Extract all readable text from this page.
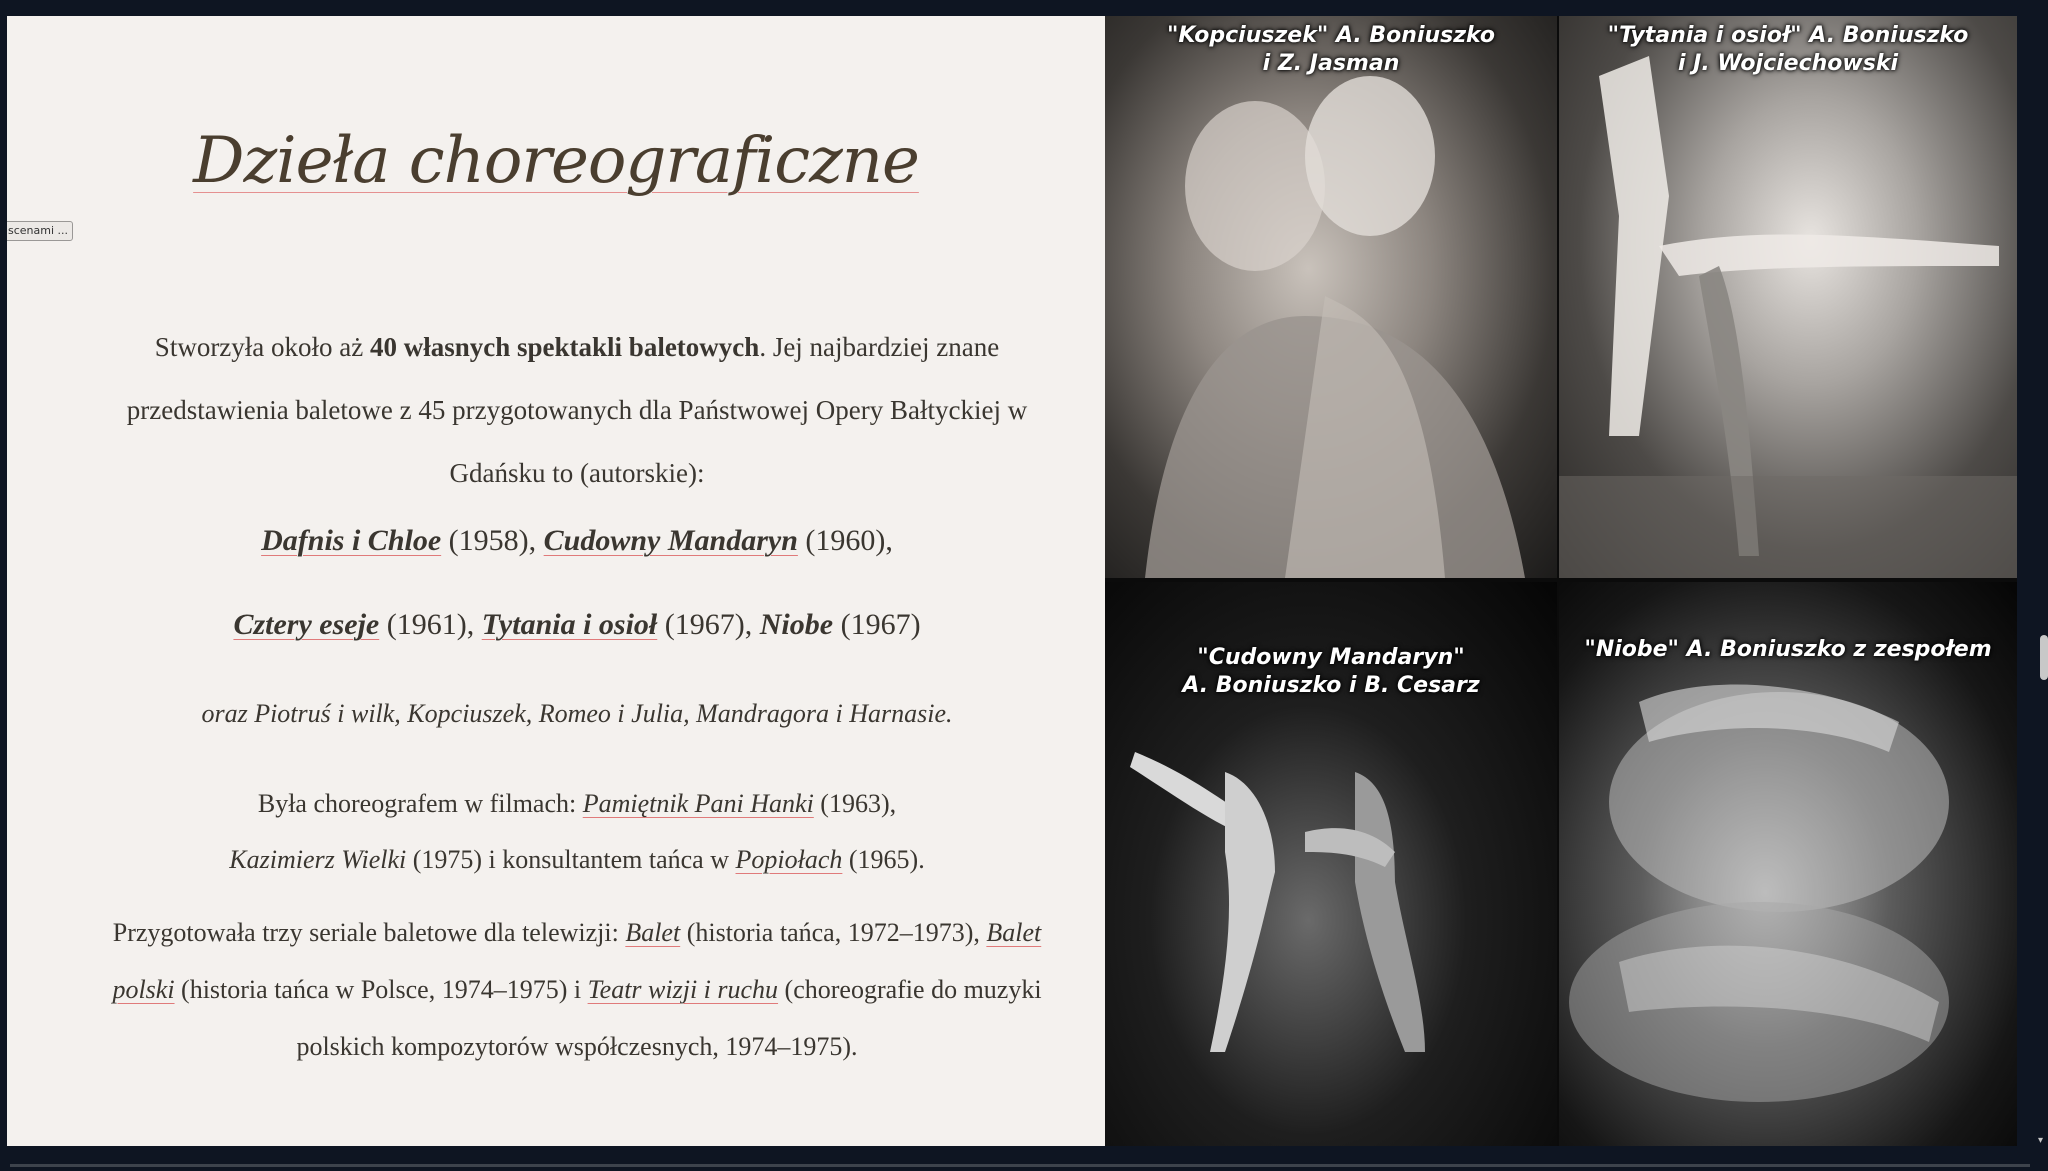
Dzieła choreograficzne
Stworzyła około aż 40 własnych spektakli baletowych. Jej najbardziej znane przedstawienia baletowe z 45 przygotowanych dla Państwowej Opery Bałtyckiej w Gdańsku to (autorskie):
Dafnis i Chloe (1958), Cudowny Mandaryn (1960),
Cztery eseje (1961), Tytania i osioł (1967), Niobe (1967)
oraz Piotruś i wilk, Kopciuszek, Romeo i Julia, Mandragora i Harnasie.
Była choreografem w filmach: Pamiętnik Pani Hanki (1963),
Kazimierz Wielki (1975) i konsultantem tańca w Popiołach (1965).
Przygotowała trzy seriale baletowe dla telewizji: Balet (historia tańca, 1972–1973), Balet polski (historia tańca w Polsce, 1974–1975) i Teatr wizji i ruchu (choreografie do muzyki polskich kompozytorów współczesnych, 1974–1975).
"Kopciuszek" A. Boniuszko
i Z. Jasman
"Tytania i osioł" A. Boniuszko
i J. Wojciechowski
"Cudowny Mandaryn"
A. Boniuszko i B. Cesarz
"Niobe" A. Boniuszko z zespołem
scenami ...
▾
